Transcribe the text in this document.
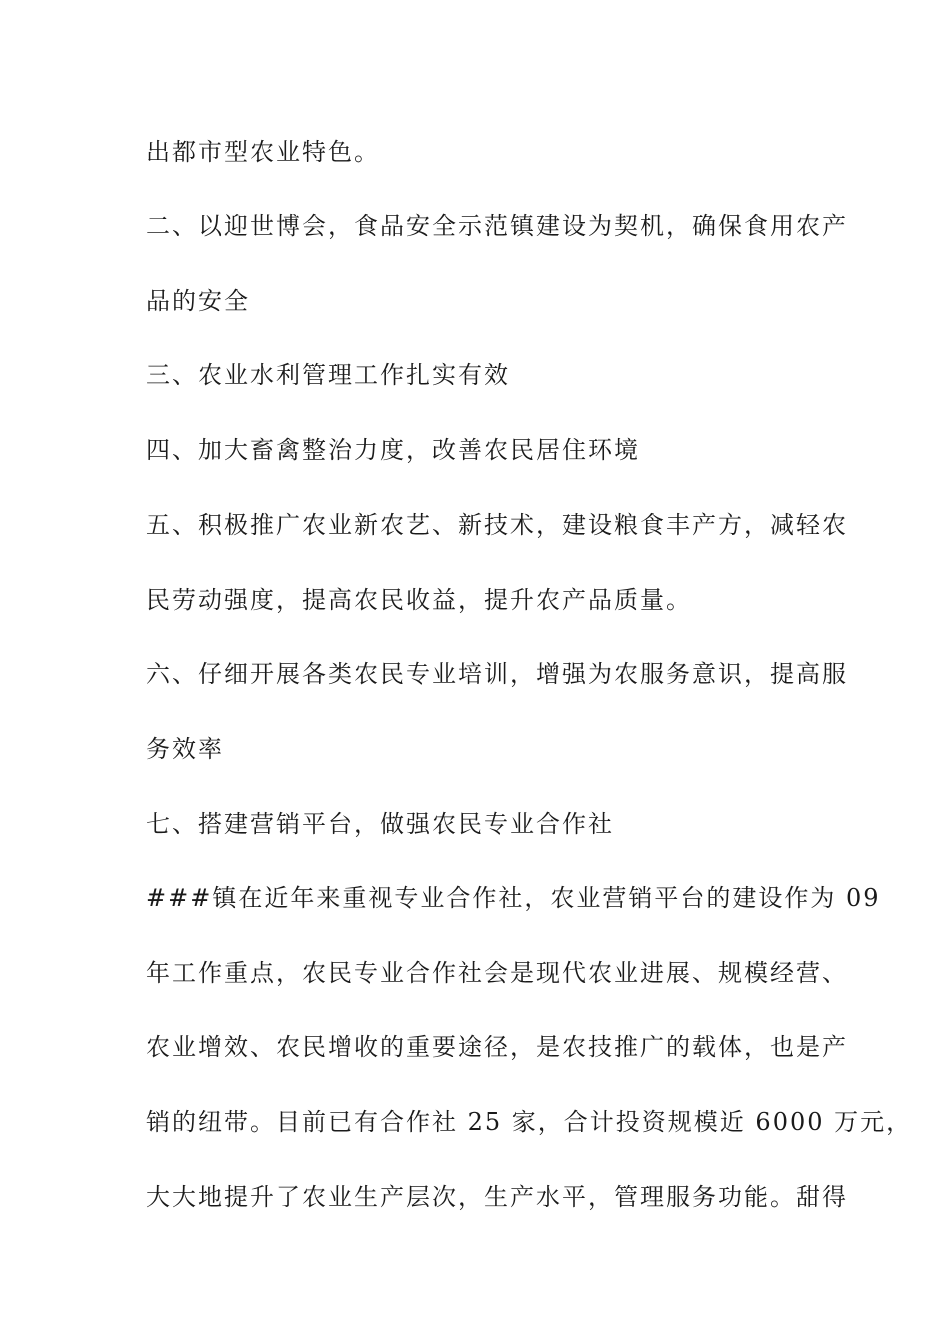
出都市型农业特色。
二、以迎世博会，食品安全示范镇建设为契机，确保食用农产
品的安全
三、农业水利管理工作扎实有效
四、加大畜禽整治力度，改善农民居住环境
五、积极推广农业新农艺、新技术，建设粮食丰产方，减轻农
民劳动强度，提高农民收益，提升农产品质量。
六、仔细开展各类农民专业培训，增强为农服务意识，提高服
务效率
七、搭建营销平台，做强农民专业合作社
###镇在近年来重视专业合作社，农业营销平台的建设作为 09
年工作重点，农民专业合作社会是现代农业进展、规模经营、
农业增效、农民增收的重要途径，是农技推广的载体，也是产
销的纽带。目前已有合作社 25 家，合计投资规模近 6000 万元，
大大地提升了农业生产层次，生产水平，管理服务功能。甜得
